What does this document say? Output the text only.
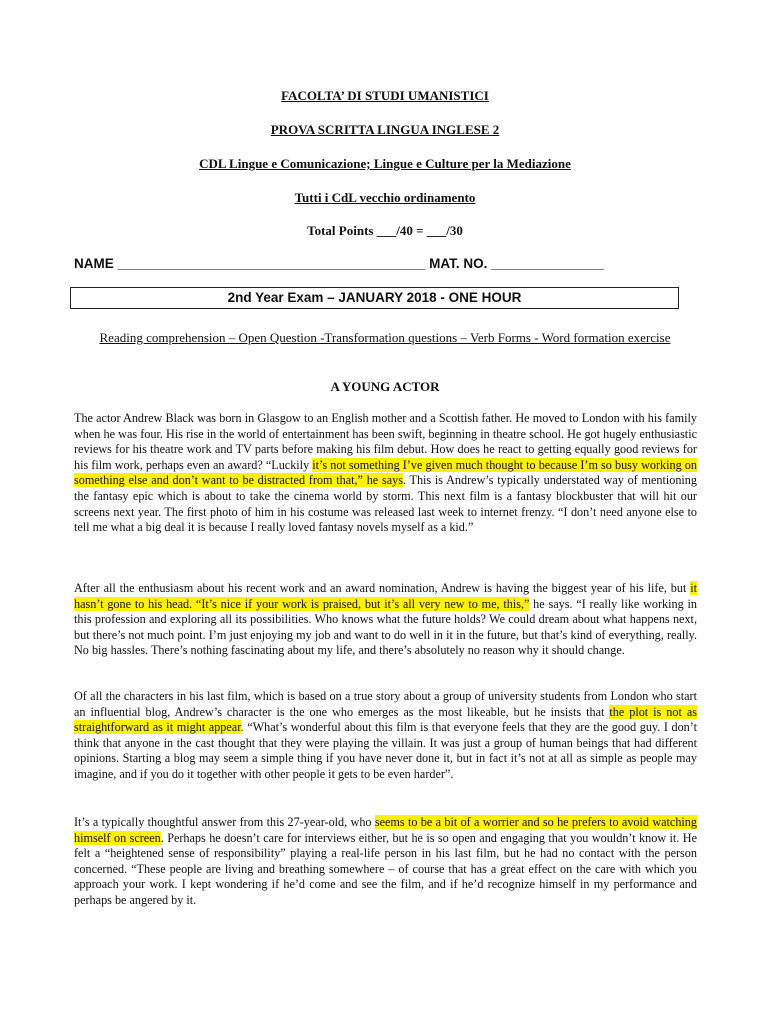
FACOLTA’ DI STUDI UMANISTICI
PROVA SCRITTA LINGUA INGLESE 2
CDL Lingue e Comunicazione; Lingue e Culture per la Mediazione
Tutti i CdL vecchio ordinamento
Total Points ___/40 = ___/30
NAME _________________________________________ MAT. NO. _______________
2nd Year Exam – JANUARY 2018 - ONE HOUR
Reading comprehension – Open Question -Transformation questions – Verb Forms - Word formation exercise
A YOUNG ACTOR

The actor Andrew Black was born in Glasgow to an English mother and a Scottish father. He moved to London with his family when he was four. His rise in the world of entertainment has been swift, beginning in theatre school. He got hugely enthusiastic reviews for his theatre work and TV parts before making his film debut. How does he react to getting equally good reviews for his film work, perhaps even an award? “Luckily it’s not something I’ve given much thought to because I’m so busy working on something else and don’t want to be distracted from that,” he says. This is Andrew’s typically understated way of mentioning the fantasy epic which is about to take the cinema world by storm. This next film is a fantasy blockbuster that will hit our screens next year. The first photo of him in his costume was released last week to internet frenzy. “I don’t need anyone else to tell me what a big deal it is because I really loved fantasy novels myself as a kid.”

After all the enthusiasm about his recent work and an award nomination, Andrew is having the biggest year of his life, but it hasn’t gone to his head. “It’s nice if your work is praised, but it’s all very new to me, this,” he says. “I really like working in this profession and exploring all its possibilities. Who knows what the future holds? We could dream about what happens next, but there’s not much point. I’m just enjoying my job and want to do well in it in the future, but that’s kind of everything, really. No big hassles. There’s nothing fascinating about my life, and there’s absolutely no reason why it should change.

Of all the characters in his last film, which is based on a true story about a group of university students from London who start an influential blog, Andrew’s character is the one who emerges as the most likeable, but he insists that the plot is not as straightforward as it might appear. “What’s wonderful about this film is that everyone feels that they are the good guy. I don’t think that anyone in the cast thought that they were playing the villain. It was just a group of human beings that had different opinions. Starting a blog may seem a simple thing if you have never done it, but in fact it’s not at all as simple as people may imagine, and if you do it together with other people it gets to be even harder”.

It’s a typically thoughtful answer from this 27-year-old, who seems to be a bit of a worrier and so he prefers to avoid watching himself on screen. Perhaps he doesn’t care for interviews either, but he is so open and engaging that you wouldn’t know it. He felt a “heightened sense of responsibility” playing a real-life person in his last film, but he had no contact with the person concerned. “These people are living and breathing somewhere – of course that has a great effect on the care with which you approach your work. I kept wondering if he’d come and see the film, and if he’d recognize himself in my performance and perhaps be angered by it.
